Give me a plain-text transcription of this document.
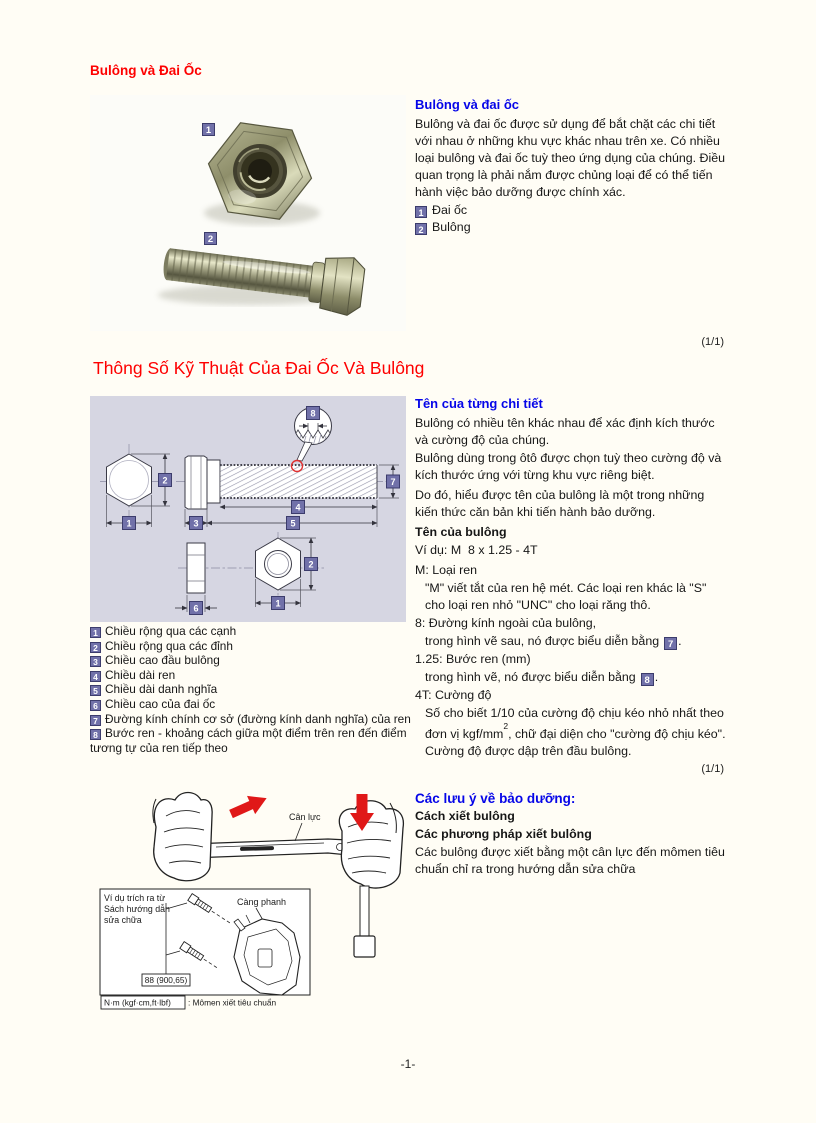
Bulông và Đai Ốc
1
2
Bulông và đai ốc

Bulông và đai ốc được sử dụng để bắt chặt các chi tiết với nhau ở những khu vực khác nhau trên xe. Có nhiều loại bulông và đai ốc tuỳ theo ứng dụng của chúng. Điều quan trọng là phải nắm được chủng loại để có thể tiến hành việc bảo dưỡng được chính xác.

1 Đai ốc
2 Bulông
(1/1)
Thông Số Kỹ Thuật Của Đai Ốc Và Bulông
1
2
3
4
5
6
7
8
2
1
1 Chiều rộng qua các cạnh
2 Chiều rộng qua các đỉnh
3 Chiều cao đầu bulông
4 Chiều dài ren
5 Chiều dài danh nghĩa
6 Chiều cao của đai ốc
7 Đường kính chính cơ sở (đường kính danh nghĩa) của ren
8 Bước ren - khoảng cách giữa một điểm trên ren đến điểm tương tự của ren tiếp theo
Tên của từng chi tiết

Bulông có nhiều tên khác nhau để xác định kích thước và cường độ của chúng.

Bulông dùng trong ôtô được chọn tuỳ theo cường độ và kích thước ứng với từng khu vực riêng biệt.

Do đó, hiểu được tên của bulông là một trong những kiến thức căn bản khi tiến hành bảo dưỡng.

Tên của bulông

Ví dụ: M  8 x 1.25 - 4T

M: Loại ren

"M" viết tắt của ren hệ mét. Các loại ren khác là "S" cho loại ren nhỏ "UNC" cho loại răng thô.

8: Đường kính ngoài của bulông,

trong hình vẽ sau, nó được biểu diễn bằng 7 .

1.25: Bước ren (mm)

trong hình vẽ, nó được biểu diễn bằng 8 .

4T: Cường độ

Số cho biết 1/10 của cường độ chịu kéo nhỏ nhất theo đơn vị kgf/$mm^2$, chữ đại diện cho "cường độ chịu kéo". Cường độ được dập trên đầu bulông.

(1/1)
Cân lực
Ví dụ trích ra từ
Sách hướng dẫn
sửa chữa
Càng phanh
88 (900,65)
N·m (kgf·cm,ft·lbf) : Mômen xiết tiêu chuẩn
Các lưu ý về bảo dưỡng:

Cách xiết bulông

Các phương pháp xiết bulông

Các bulông được xiết bằng một cân lực đến mômen tiêu chuẩn chỉ ra trong hướng dẫn sửa chữa

-1-
